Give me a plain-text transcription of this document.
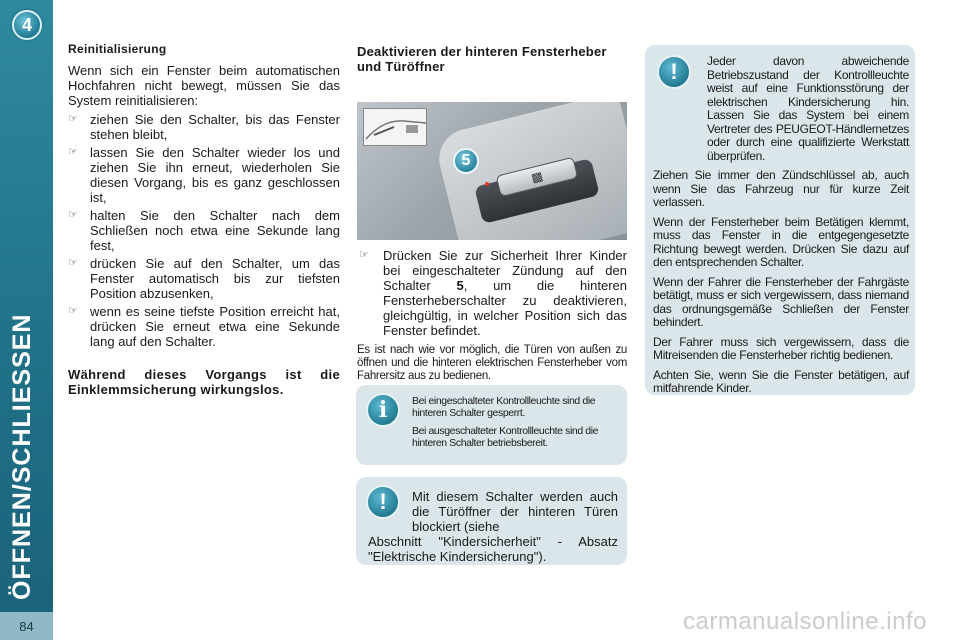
4
ÖFFNEN/SCHLIESSEN
84
Reinitialisierung

Wenn sich ein Fenster beim automatischen Hochfahren nicht bewegt, müssen Sie das System reinitialisieren:

☞ ziehen Sie den Schalter, bis das Fenster stehen bleibt,
☞ lassen Sie den Schalter wieder los und ziehen Sie ihn erneut, wiederholen Sie diesen Vorgang, bis es ganz geschlossen ist,
☞ halten Sie den Schalter nach dem Schließen noch etwa eine Sekunde lang fest,
☞ drücken Sie auf den Schalter, um das Fenster automatisch bis zur tiefsten Position abzusenken,
☞ wenn es seine tiefste Position erreicht hat, drücken Sie erneut etwa eine Sekunde lang auf den Schalter.

Während dieses Vorgangs ist die Einklemmsicherung wirkungslos.

Deaktivieren der hinteren Fensterheber und Türöffner
▩
5
☞ Drücken Sie zur Sicherheit Ihrer Kinder bei eingeschalteter Zündung auf den Schalter 5, um die hinteren Fensterheberschalter zu deaktivieren, gleichgültig, in welcher Position sich das Fenster befindet.

Es ist nach wie vor möglich, die Türen von außen zu öffnen und die hinteren elektrischen Fensterheber vom Fahrersitz aus zu bedienen.

i	Bei eingeschalteter Kontrollleuchte sind die hinteren Schalter gesperrt.

Bei ausgeschalteter Kontrollleuchte sind die hinteren Schalter betriebsbereit.

!	Mit diesem Schalter werden auch die Türöffner der hinteren Türen blockiert (siehe
Abschnitt "Kindersicherheit" - Absatz "Elektrische Kindersicherung").
!	Jeder davon abweichende Betriebszustand der Kontrollleuchte weist auf eine Funktionsstörung der elektrischen Kindersicherung hin. Lassen Sie das System bei einem Vertreter des PEUGEOT-Händlernetzes oder durch eine qualifizierte Werkstatt überprüfen.

Ziehen Sie immer den Zündschlüssel ab, auch wenn Sie das Fahrzeug nur für kurze Zeit verlassen.

Wenn der Fensterheber beim Betätigen klemmt, muss das Fenster in die entgegengesetzte Richtung bewegt werden. Drücken Sie dazu auf den entsprechenden Schalter.

Wenn der Fahrer die Fensterheber der Fahrgäste betätigt, muss er sich vergewissern, dass niemand das ordnungsgemäße Schließen der Fenster behindert.

Der Fahrer muss sich vergewissern, dass die Mitreisenden die Fensterheber richtig bedienen.

Achten Sie, wenn Sie die Fenster betätigen, auf mitfahrende Kinder.

carmanualsonline.info
